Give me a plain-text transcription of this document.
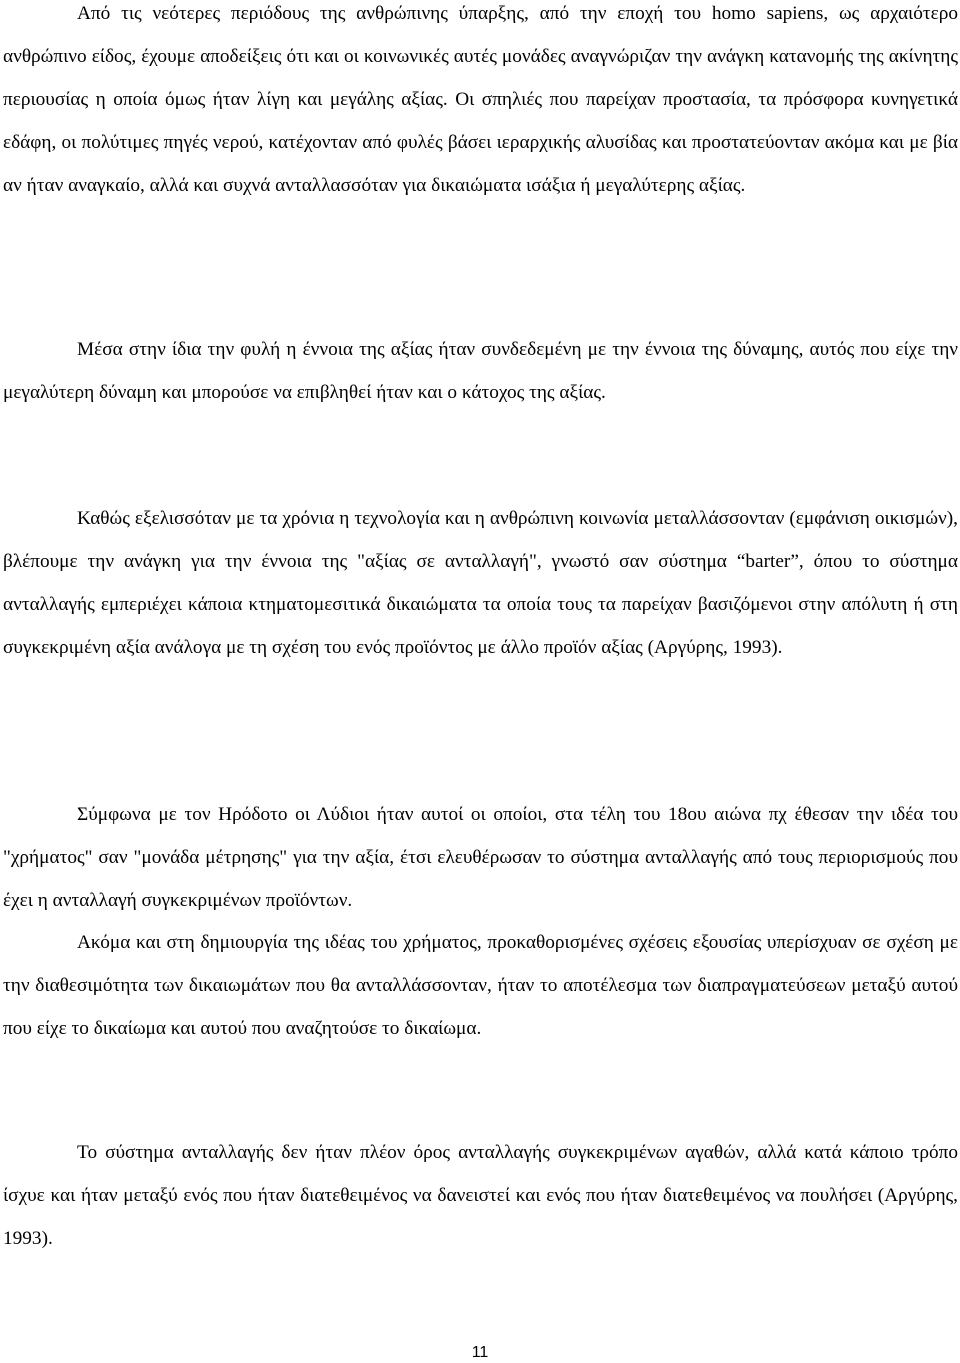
Από τις νεότερες περιόδους της ανθρώπινης ύπαρξης, από την εποχή του homo sapiens, ως αρχαιότερο ανθρώπινο είδος, έχουμε αποδείξεις ότι και οι κοινωνικές αυτές μονάδες αναγνώριζαν την ανάγκη κατανομής της ακίνητης περιουσίας η οποία όμως ήταν λίγη και μεγάλης αξίας. Οι σπηλιές που παρείχαν προστασία, τα πρόσφορα κυνηγετικά εδάφη, οι πολύτιμες πηγές νερού, κατέχονταν από φυλές βάσει ιεραρχικής αλυσίδας και προστατεύονταν ακόμα και με βία αν ήταν αναγκαίο, αλλά και συχνά ανταλλασσόταν για δικαιώματα ισάξια ή μεγαλύτερης αξίας.

Μέσα στην ίδια την φυλή η έννοια της αξίας ήταν συνδεδεμένη με την έννοια της δύναμης, αυτός που είχε την μεγαλύτερη δύναμη και μπορούσε να επιβληθεί ήταν και ο κάτοχος της αξίας.

Καθώς εξελισσόταν με τα χρόνια η τεχνολογία και η ανθρώπινη κοινωνία μεταλλάσσονταν (εμφάνιση οικισμών), βλέπουμε την ανάγκη για την έννοια της "αξίας σε ανταλλαγή", γνωστό σαν σύστημα “barter”, όπου το σύστημα ανταλλαγής εμπεριέχει κάποια κτηματομεσιτικά δικαιώματα τα οποία τους τα παρείχαν βασιζόμενοι στην απόλυτη ή στη συγκεκριμένη αξία ανάλογα με τη σχέση του ενός προϊόντος με άλλο προϊόν αξίας (Αργύρης, 1993).

Σύμφωνα με τον Ηρόδοτο οι Λύδιοι ήταν αυτοί οι οποίοι, στα τέλη του 18ου αιώνα πχ έθεσαν την ιδέα του "χρήματος" σαν "μονάδα μέτρησης" για την αξία, έτσι ελευθέρωσαν το σύστημα ανταλλαγής από τους περιορισμούς που έχει η ανταλλαγή συγκεκριμένων προϊόντων.

Ακόμα και στη δημιουργία της ιδέας του χρήματος, προκαθορισμένες σχέσεις εξουσίας υπερίσχυαν σε σχέση με την διαθεσιμότητα των δικαιωμάτων που θα ανταλλάσσονταν, ήταν το αποτέλεσμα των διαπραγματεύσεων μεταξύ αυτού που είχε το δικαίωμα και αυτού που αναζητούσε το δικαίωμα.

Το σύστημα ανταλλαγής δεν ήταν πλέον όρος ανταλλαγής συγκεκριμένων αγαθών, αλλά κατά κάποιο τρόπο ίσχυε και ήταν μεταξύ ενός που ήταν διατεθειμένος να δανειστεί και ενός που ήταν διατεθειμένος να πουλήσει (Αργύρης, 1993).

11
